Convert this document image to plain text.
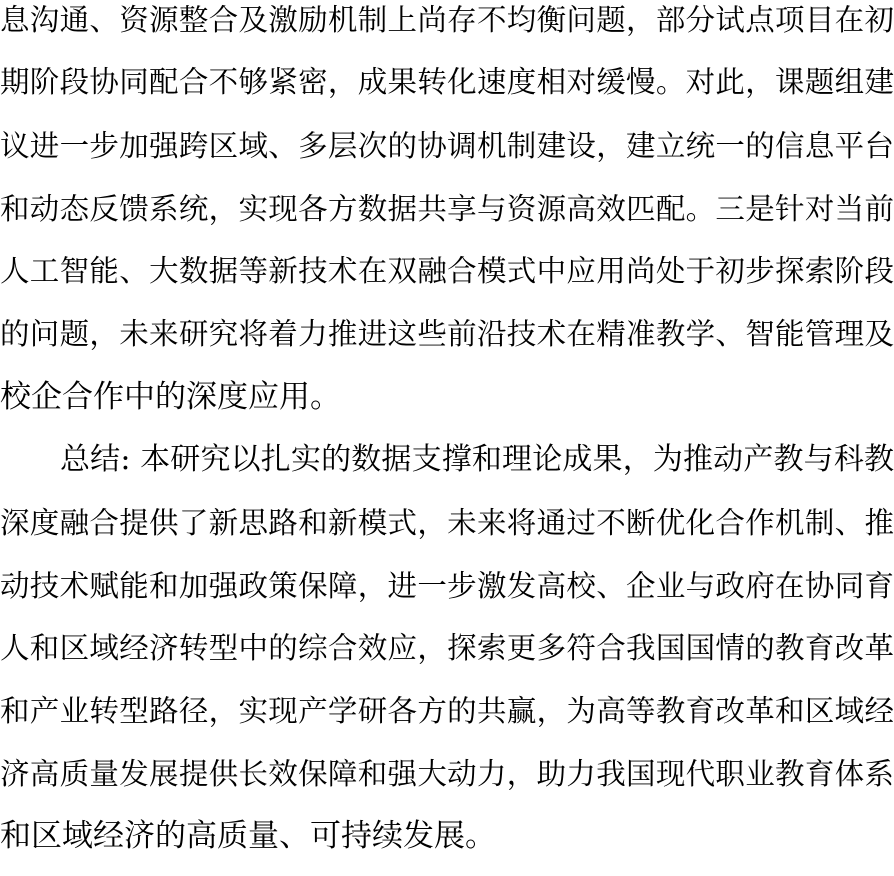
息沟通、资源整合及激励机制上尚存不均衡问题，部分试点项目在初
期阶段协同配合不够紧密，成果转化速度相对缓慢。对此，课题组建
议进一步加强跨区域、多层次的协调机制建设，建立统一的信息平台
和动态反馈系统，实现各方数据共享与资源高效匹配。三是针对当前
人工智能、大数据等新技术在双融合模式中应用尚处于初步探索阶段
的问题，未来研究将着力推进这些前沿技术在精准教学、智能管理及
校企合作中的深度应用。
总结: 本研究以扎实的数据支撑和理论成果，为推动产教与科教
深度融合提供了新思路和新模式，未来将通过不断优化合作机制、推
动技术赋能和加强政策保障，进一步激发高校、企业与政府在协同育
人和区域经济转型中的综合效应，探索更多符合我国国情的教育改革
和产业转型路径，实现产学研各方的共赢，为高等教育改革和区域经
济高质量发展提供长效保障和强大动力，助力我国现代职业教育体系
和区域经济的高质量、可持续发展。
